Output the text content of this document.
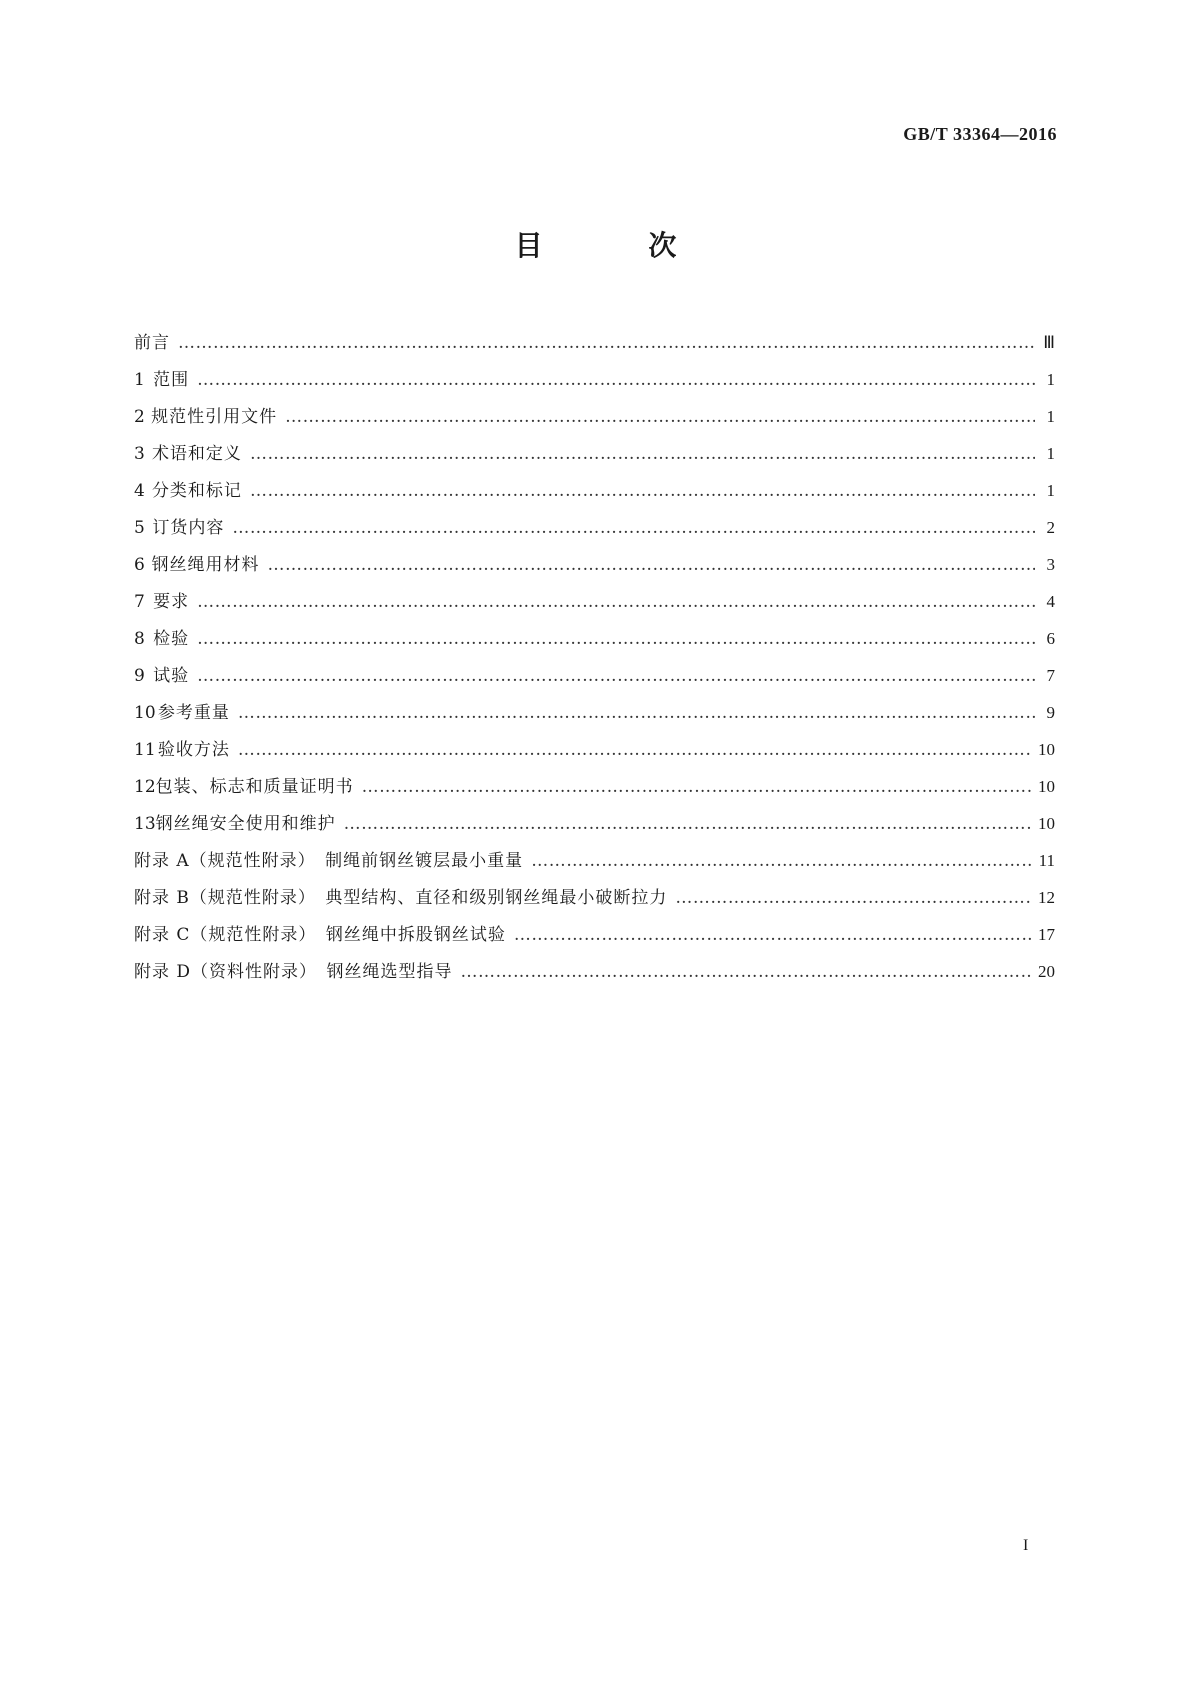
GB/T 33364—2016
目 次
前言 ……………………………………………………………………………………………………………………………………………………………………………………………………………………	Ⅲ
1 范围 ……………………………………………………………………………………………………………………………………………………………………………………………………………………	1
2 规范性引用文件 ……………………………………………………………………………………………………………………………………………………………………………………………………………………	1
3 术语和定义 ……………………………………………………………………………………………………………………………………………………………………………………………………………………	1
4 分类和标记 ……………………………………………………………………………………………………………………………………………………………………………………………………………………	1
5 订货内容 ……………………………………………………………………………………………………………………………………………………………………………………………………………………	2
6 钢丝绳用材料 ……………………………………………………………………………………………………………………………………………………………………………………………………………………	3
7 要求 ……………………………………………………………………………………………………………………………………………………………………………………………………………………	4
8 检验 ……………………………………………………………………………………………………………………………………………………………………………………………………………………	6
9 试验 ……………………………………………………………………………………………………………………………………………………………………………………………………………………	7
10 参考重量 ……………………………………………………………………………………………………………………………………………………………………………………………………………………	9
11 验收方法 ……………………………………………………………………………………………………………………………………………………………………………………………………………………	10
12 包装、标志和质量证明书 ……………………………………………………………………………………………………………………………………………………………………………………………………………………	10
13 钢丝绳安全使用和维护 ……………………………………………………………………………………………………………………………………………………………………………………………………………………	10
附录 A（规范性附录）　制绳前钢丝镀层最小重量 ……………………………………………………………………………………………………………………………………………………………………………………………………………………	11
附录 B（规范性附录）　典型结构、直径和级别钢丝绳最小破断拉力 ……………………………………………………………………………………………………………………………………………………………………………………………………………………	12
附录 C（规范性附录）　钢丝绳中拆股钢丝试验 ……………………………………………………………………………………………………………………………………………………………………………………………………………………	17
附录 D（资料性附录）　钢丝绳选型指导 ……………………………………………………………………………………………………………………………………………………………………………………………………………………	20
I
